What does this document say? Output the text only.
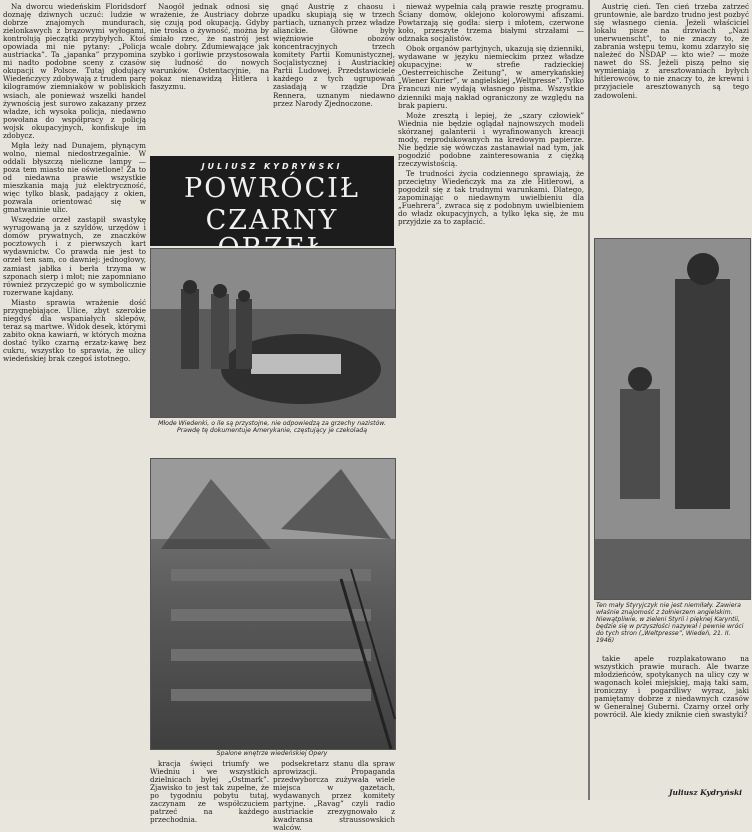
Na dworcu wiedeńskim Floridsdorf doznaję dziwnych uczuć: ludzie w dobrze znajomych mundurach, zielonkawych z brązowymi wyłogami, kontrolują pieczątki przybyłych. Ktoś opowiada mi nie pytany: „Policja austriacka”. Ta „japanka” przypomina mi nadto podobne sceny z czasów okupacji w Polsce. Tutaj głodujący Wiedeńczycy zdobywają z trudem parę kilogramów ziemniaków w pobliskich wsiach, ale ponieważ wszelki handel żywnością jest surowo zakazany przez władze, ich wysoka policja, niedawno powołana do współpracy z policją wojsk okupacyjnych, konfiskuje im zdobycz.

Mgła leży nad Dunajem, płynącym wolno, niemal niedostrzegalnie. W oddali błyszczą nieliczne lampy — poza tem miasto nie oświetlone! Za to od niedawna prawie wszystkie mieszkania mają już elektryczność, więc tylko blask, padający z okien, pozwala orientować się w gmatwaninie ulic.

Wszędzie orzeł zastąpił swastykę wyrugowaną ja z szyldów, urzędów i domów prywatnych, ze znaczków pocztowych i z pierwszych kart wydawnictw. Co prawda nie jest to orzeł ten sam, co dawniej: jednogłowy, zamiast jabłka i berła trzyma w szponach sierp i młot; nie zapomniano również przyczepić go w symbolicznie rozerwane kajdany.

Miasto sprawia wrażenie dość przygnębiające. Ulice, zbyt szerokie niegdyś dla wspaniałych sklepów, teraz są martwe. Widok desek, którymi zabito okna kawiarń, w których można dostać tylko czarną erzatz-kawę bez cukru, wszystko to sprawia, że ulicy wiedeńskiej brak czegoś istotnego.

Naogół jednak odnosi się wrażenie, że Austriacy dobrze się czują pod okupacją. Gdyby nie troska o żywność, można by śmiało rzec, że nastrój jest wcale dobry. Zdumiewające jak szybko i gorliwie przystosowała się ludność do nowych warunków. Ostentacyjnie, na pokaz nienawidzą Hitlera i faszyzmu.

gnąć Austrię z chaosu i upadku skupiają się w trzech partiach, uznanych przez władze alianckie. Główne były więźniowie obozów koncentracyjnych trzech komitety Partii Komunistycznej, Socjalistycznej i Austriackiej Partii Ludowej. Przedstawiciele każdego z tych ugrupowań zasiadają w rządzie Dra Rennera, uznanym niedawno przez Narody Zjednoczone.

JULIUSZ KYDRYŃSKI
POWRÓCIŁ
CZARNY
Młode Wiedenki, o ile są przystojne, nie odpowiedzą za grzechy nazistów. Prawdę tę dokumentuje Amerykanie, częstujący je czekoladą
Spalone wnętrze wiedeńskiej Opery

kracja święci triumfy we Wiedniu i we wszystkich dzielnicach byłej „Ostmark”. Zjawisko to jest tak zupełne, że po tygodniu pobytu tutaj, zaczynam ze współczuciem patrzeć na każdego przechodnia.

podsekretarz stanu dla spraw aprowizacji. Propaganda przedwyborcza zużywała wiele miejsca w gazetach, wydawanych przez komitety partyjne. „Ravag” czyli radio austriackie zrezygnowało z kwadransa straussowskich walców.

nieważ wypełnia całą prawie resztę programu. Ściany domów, oklejono kolorowymi afiszami. Powtarzają się godła: sierp i młotem, czerwone koło, przeszyte trzema białymi strzałami — odznaka socjalistów.

Obok organów partyjnych, ukazują się dzienniki, wydawane w języku niemieckim przez władze okupacyjne: w strefie radzieckiej „Oesterreichische Zeitung”, w amerykańskiej „Wiener Kurier”, w angielskiej „Weltpresse”. Tylko Francuzi nie wydają własnego pisma. Wszystkie dzienniki mają nakład ograniczony ze względu na brak papieru.

Może zresztą i lepiej, że „szary człowiek” Wiednia nie będzie oglądał najnowszych modeli skórzanej galanterii i wyrafinowanych kreacji mody, reprodukowanych na kredowym papierze. Nie będzie się wówczas zastanawiał nad tym, jak pogodzić podobne zainteresowania z ciężką rzeczywistością.

Te trudności życia codziennego sprawiają, że przeciętny Wiedeńczyk ma za złe Hitlerowi, a pogodził się z tak trudnymi warunkami. Dlatego, zapominając o niedawnym uwielbieniu dla „Fuehrera”, zwraca się z podobnym uwielbieniem do władz okupacyjnych, a tylko lęka się, że mu przyjdzie za to zapłacić.

Austrię cień. Ten cień trzeba zatrzeć gruntownie, ale bardzo trudno jest pozbyć się własnego cienia. Jeżeli właściciel lokalu pisze na drzwiach „Nazi unerwuenscht”, to nie znaczy to, że zabrania wstępu temu, komu zdarzyło się należeć do NSDAP — kto wie? — może nawet do SS. Jeżeli piszą pełno się wymieniają z aresztowaniach byłych hitlerowców, to nie znaczy to, że krewni i przyjaciele aresztowanych są tego zadowoleni.

Ten mały Styryjczyk nie jest niemiłały. Zawiera właśnie znajomość z żołnierzem angielskim. Niewątpliwie, w zieleni Styrii i pięknej Karyntii, będzie się w przyszłości nazywał i pewnie wróci do tych stron („Weltpresse”, Wiedeń, 21. II. 1946)

takie apele rozplakatowano na wszystkich prawie murach. Ale twarze młodzieńców, spotykanych na ulicy czy w wagonach kolei miejskiej, mają taki sam, ironiczny i pogardliwy wyraz, jaki pamiętamy dobrze z niedawnych czasów w Generalnej Guberni. Czarny orzeł orły powrócił. Ale kiedy zniknie cień swastyki?

Juliusz Kydryński
